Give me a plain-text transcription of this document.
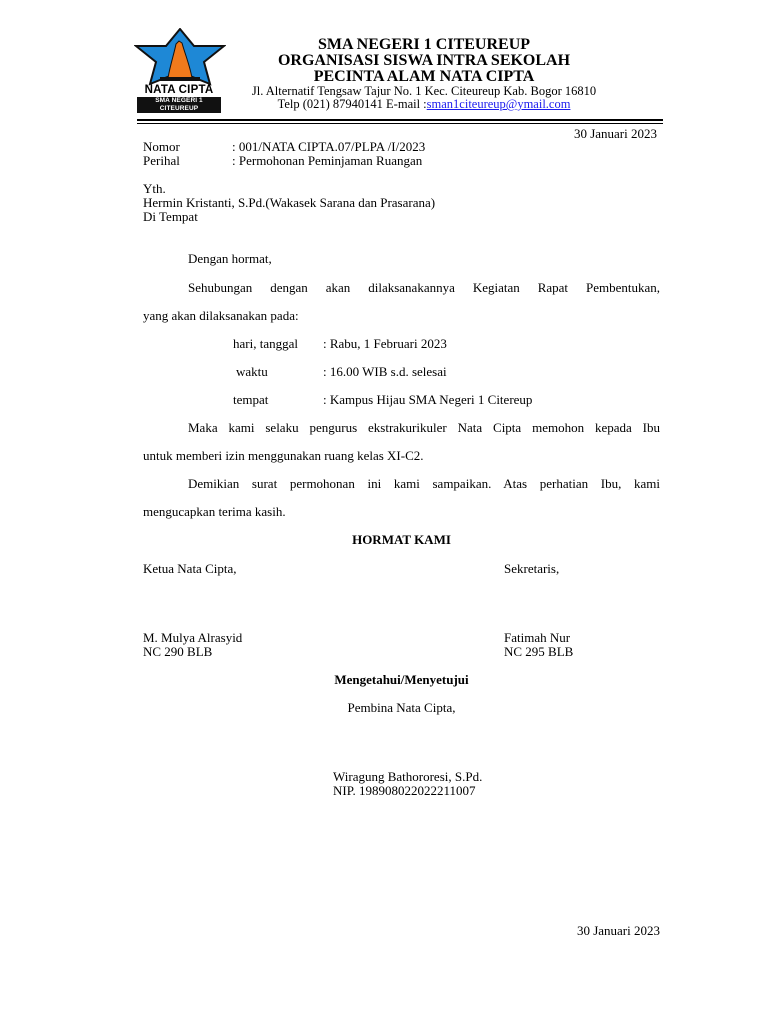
NATA CIPTA
SMA NEGERI 1 CITEUREUP
SMA NEGERI 1 CITEUREUP
ORGANISASI SISWA INTRA SEKOLAH
PECINTA ALAM NATA CIPTA
Jl. Alternatif Tengsaw Tajur No. 1 Kec. Citeureup Kab. Bogor 16810
Telp (021) 87940141 E-mail :sman1citeureup@ymail.com
30 Januari 2023
Nomor	: 001/NATA CIPTA.07/PLPA /I/2023
Perihal	: Permohonan Peminjaman Ruangan
Yth.
Hermin Kristanti, S.Pd.(Wakasek Sarana dan Prasarana)
Di Tempat
Dengan hormat,
Sehubungan dengan akan dilaksanakannya Kegiatan Rapat Pembentukan,
yang akan dilaksanakan pada:
hari, tanggal : Rabu, 1 Februari 2023
waktu	: 16.00 WIB s.d. selesai
tempat	: Kampus Hijau SMA Negeri 1 Citereup
Maka kami selaku pengurus ekstrakurikuler Nata Cipta memohon kepada Ibu
untuk memberi izin menggunakan ruang kelas XI-C2.
Demikian surat permohonan ini kami sampaikan. Atas perhatian Ibu, kami
mengucapkan terima kasih.
HORMAT KAMI
Ketua Nata Cipta,	Sekretaris,
M. Mulya Alrasyid
NC 290 BLB
Fatimah Nur
NC 295 BLB
Mengetahui/Menyetujui
Pembina Nata Cipta,
Wiragung Bathororesi, S.Pd.
NIP. 198908022022211007
30 Januari 2023
